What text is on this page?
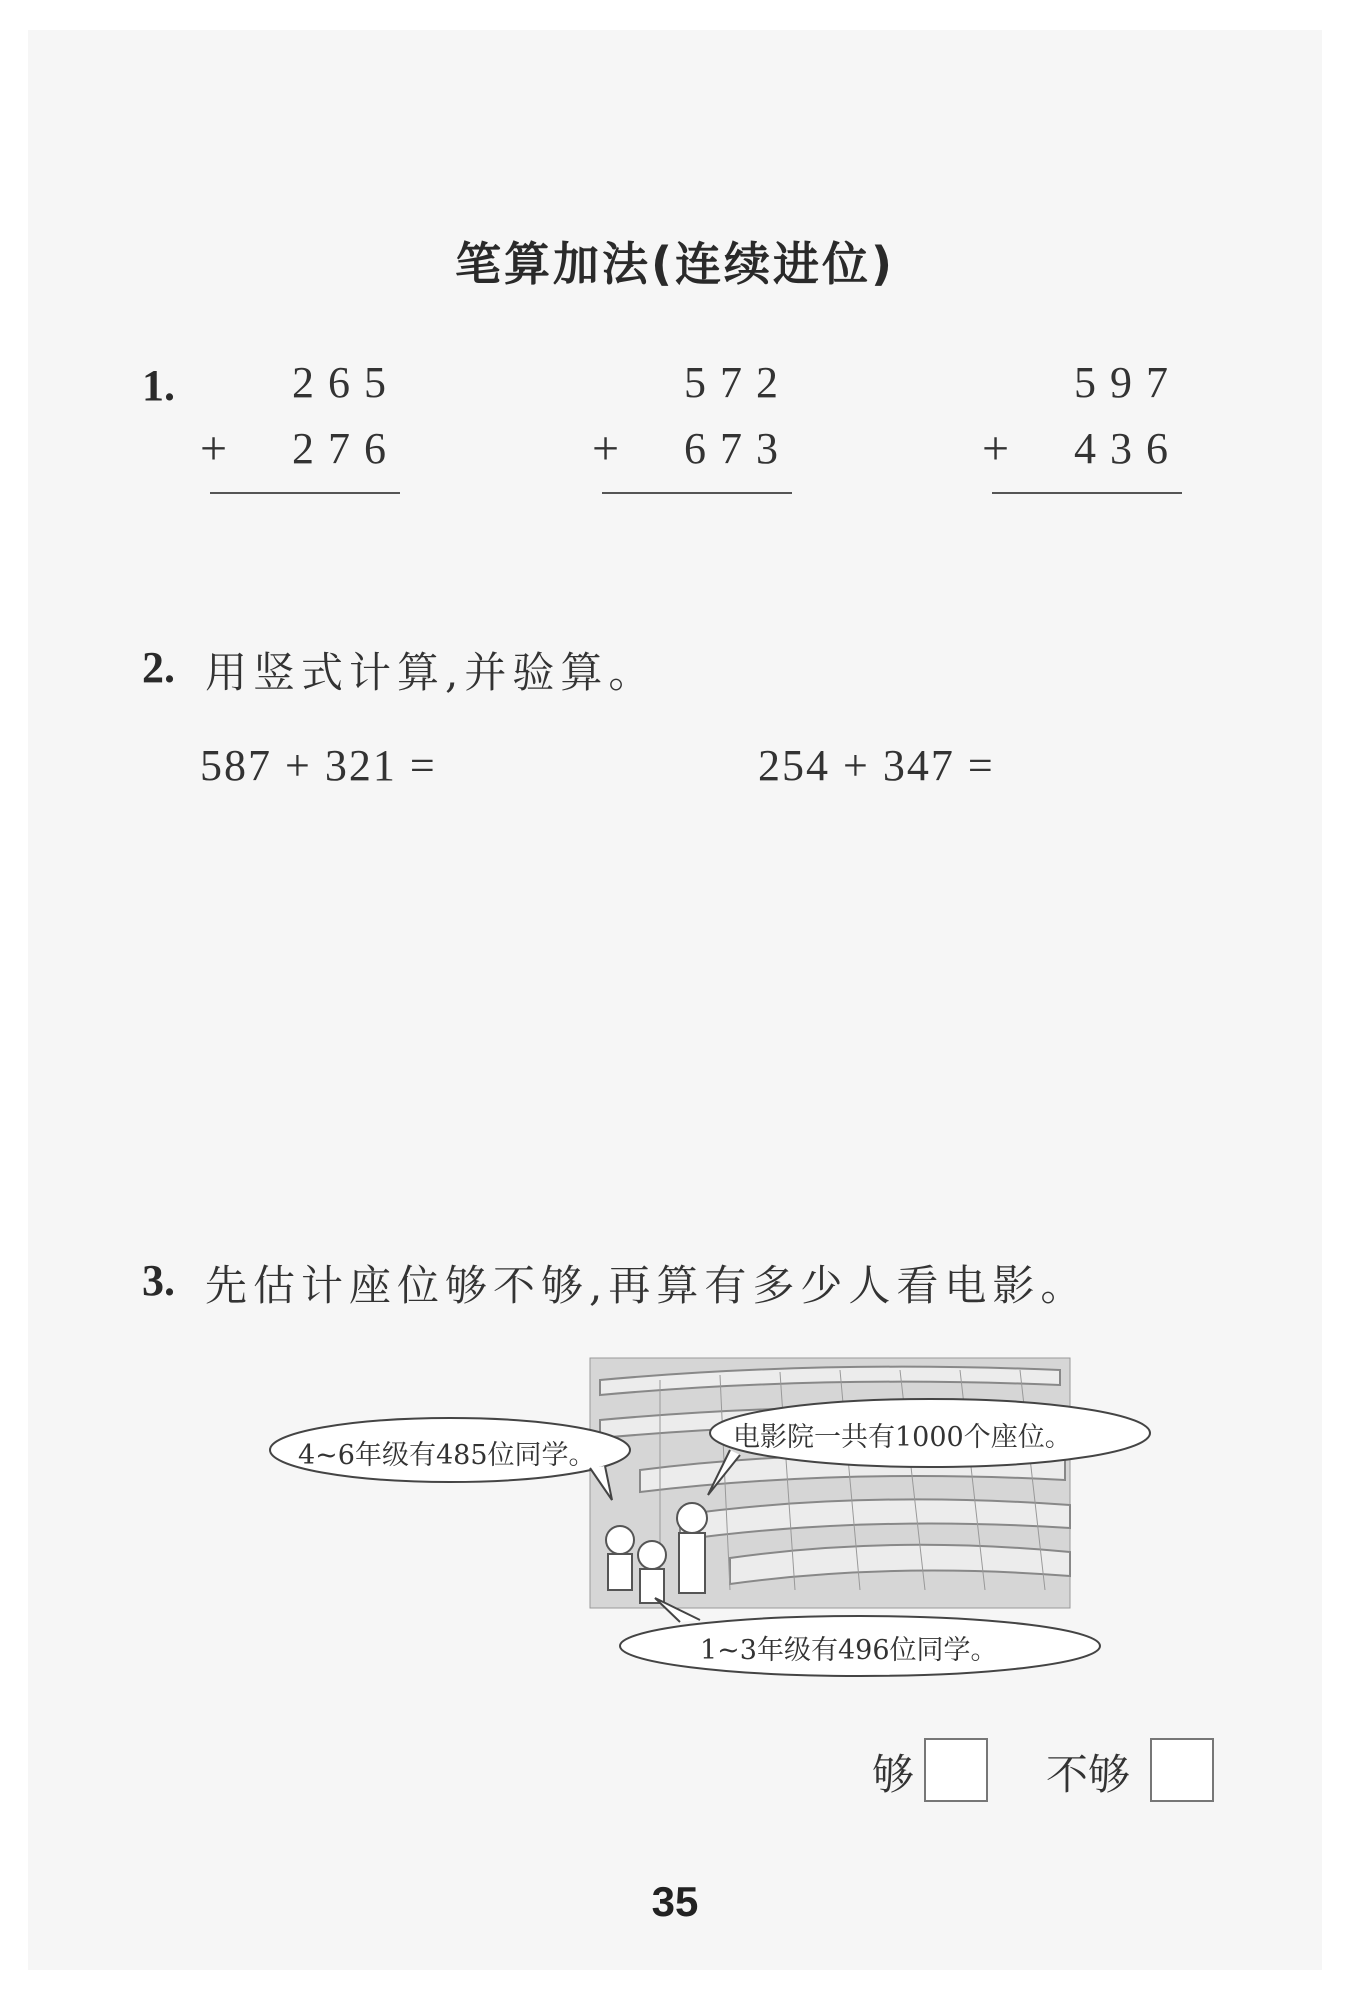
笔算加法(连续进位)
1.	265
+ 276
572
+ 673
597
+ 436
2. 用竖式计算,并验算。
587 + 321 =	254 + 347 =
3. 先估计座位够不够,再算有多少人看电影。
4~6年级有485位同学。
电影院一共有1000个座位。
1~3年级有496位同学。
够	不够
35
